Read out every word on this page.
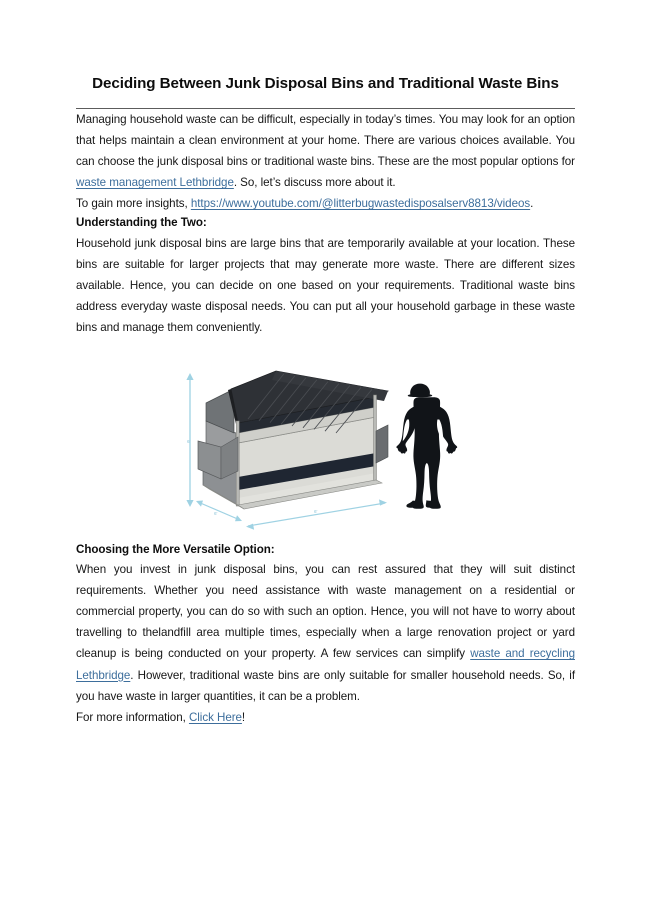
Deciding Between Junk Disposal Bins and Traditional Waste Bins

Managing household waste can be difficult, especially in today’s times. You may look for an option that helps maintain a clean environment at your home. There are various choices available. You can choose the junk disposal bins or traditional waste bins. These are the most popular options for waste management Lethbridge. So, let’s discuss more about it.

To gain more insights, https://www.youtube.com/@litterbugwastedisposalserv8813/videos.

Understanding the Two:

Household junk disposal bins are large bins that are temporarily available at your location. These bins are suitable for larger projects that may generate more waste. There are different sizes available. Hence, you can decide on one based on your requirements. Traditional waste bins address everyday waste disposal needs. You can put all your household garbage in these waste bins and manage them conveniently.

6'
6'	6'
Choosing the More Versatile Option:

When you invest in junk disposal bins, you can rest assured that they will suit distinct requirements. Whether you need assistance with waste management on a residential or commercial property, you can do so with such an option. Hence, you will not have to worry about travelling to thelandfill area multiple times, especially when a large renovation project or yard cleanup is being conducted on your property. A few services can simplify waste and recycling Lethbridge. However, traditional waste bins are only suitable for smaller household needs. So, if you have waste in larger quantities, it can be a problem.

For more information, Click Here!
